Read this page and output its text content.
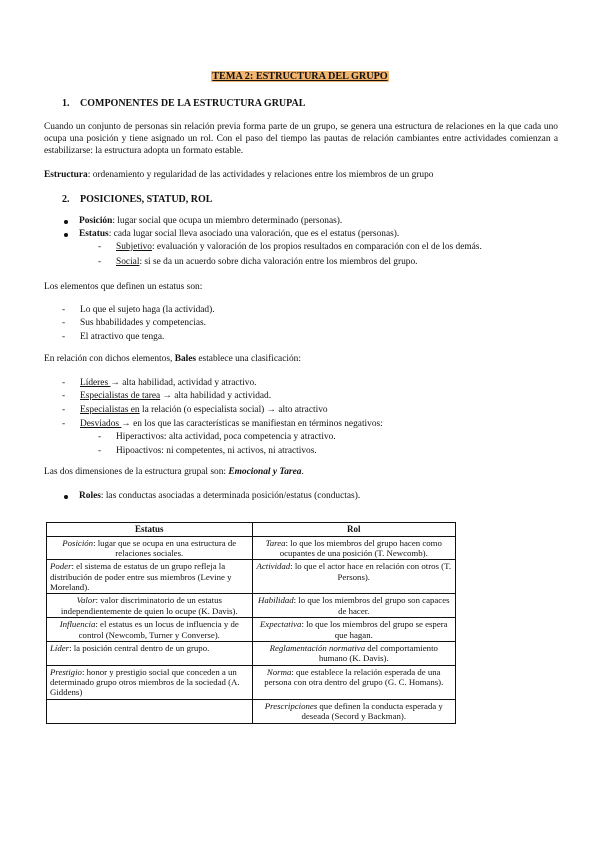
TEMA 2: ESTRUCTURA DEL GRUPO
1. COMPONENTES DE LA ESTRUCTURA GRUPAL
Cuando un conjunto de personas sin relación previa forma parte de un grupo, se genera una estructura de relaciones en la que cada uno ocupa una posición y tiene asignado un rol. Con el paso del tiempo las pautas de relación cambiantes entre actividades comienzan a estabilizarse: la estructura adopta un formato estable.
Estructura: ordenamiento y regularidad de las actividades y relaciones entre los miembros de un grupo
2. POSICIONES, STATUD, ROL
Posición: lugar social que ocupa un miembro determinado (personas).
Estatus: cada lugar social lleva asociado una valoración, que es el estatus (personas).
- Subjetivo: evaluación y valoración de los propios resultados en comparación con el de los demás.
- Social: si se da un acuerdo sobre dicha valoración entre los miembros del grupo.
Los elementos que definen un estatus son:
- Lo que el sujeto haga (la actividad).
- Sus hbabilidades y competencias.
- El atractivo que tenga.
En relación con dichos elementos, Bales establece una clasificación:
- Líderes → alta habilidad, actividad y atractivo.
- Especialistas de tarea → alta habilidad y actividad.
- Especialistas en la relación (o especialista social) → alto atractivo
- Desviados → en los que las características se manifiestan en términos negativos:
- Hiperactivos: alta actividad, poca competencia y atractivo.
- Hipoactivos: ni competentes, ni activos, ni atractivos.
Las dos dimensiones de la estructura grupal son: Emocional y Tarea.
Roles: las conductas asociadas a determinada posición/estatus (conductas).
Estatus	Rol
Posición: lugar que se ocupa en una estructura de relaciones sociales.	Tarea: lo que los miembros del grupo hacen como ocupantes de una posición (T. Newcomb).
Poder: el sistema de estatus de un grupo refleja la distribución de poder entre sus miembros (Levine y Moreland).	Actividad: lo que el actor hace en relación con otros (T. Persons).
Valor: valor discriminatorio de un estatus independientemente de quien lo ocupe (K. Davis).	Habilidad: lo que los miembros del grupo son capaces de hacer.
Influencia: el estatus es un locus de influencia y de control (Newcomb, Turner y Converse).	Expectativa: lo que los miembros del grupo se espera que hagan.
Líder: la posición central dentro de un grupo.	Reglamentación normativa del comportamiento humano (K. Davis).
Prestigio: honor y prestigio social que conceden a un determinado grupo otros miembros de la sociedad (A. Giddens)	Norma: que establece la relación esperada de una persona con otra dentro del grupo (G. C. Homans).
	Prescripciones que definen la conducta esperada y deseada (Secord y Backman).
